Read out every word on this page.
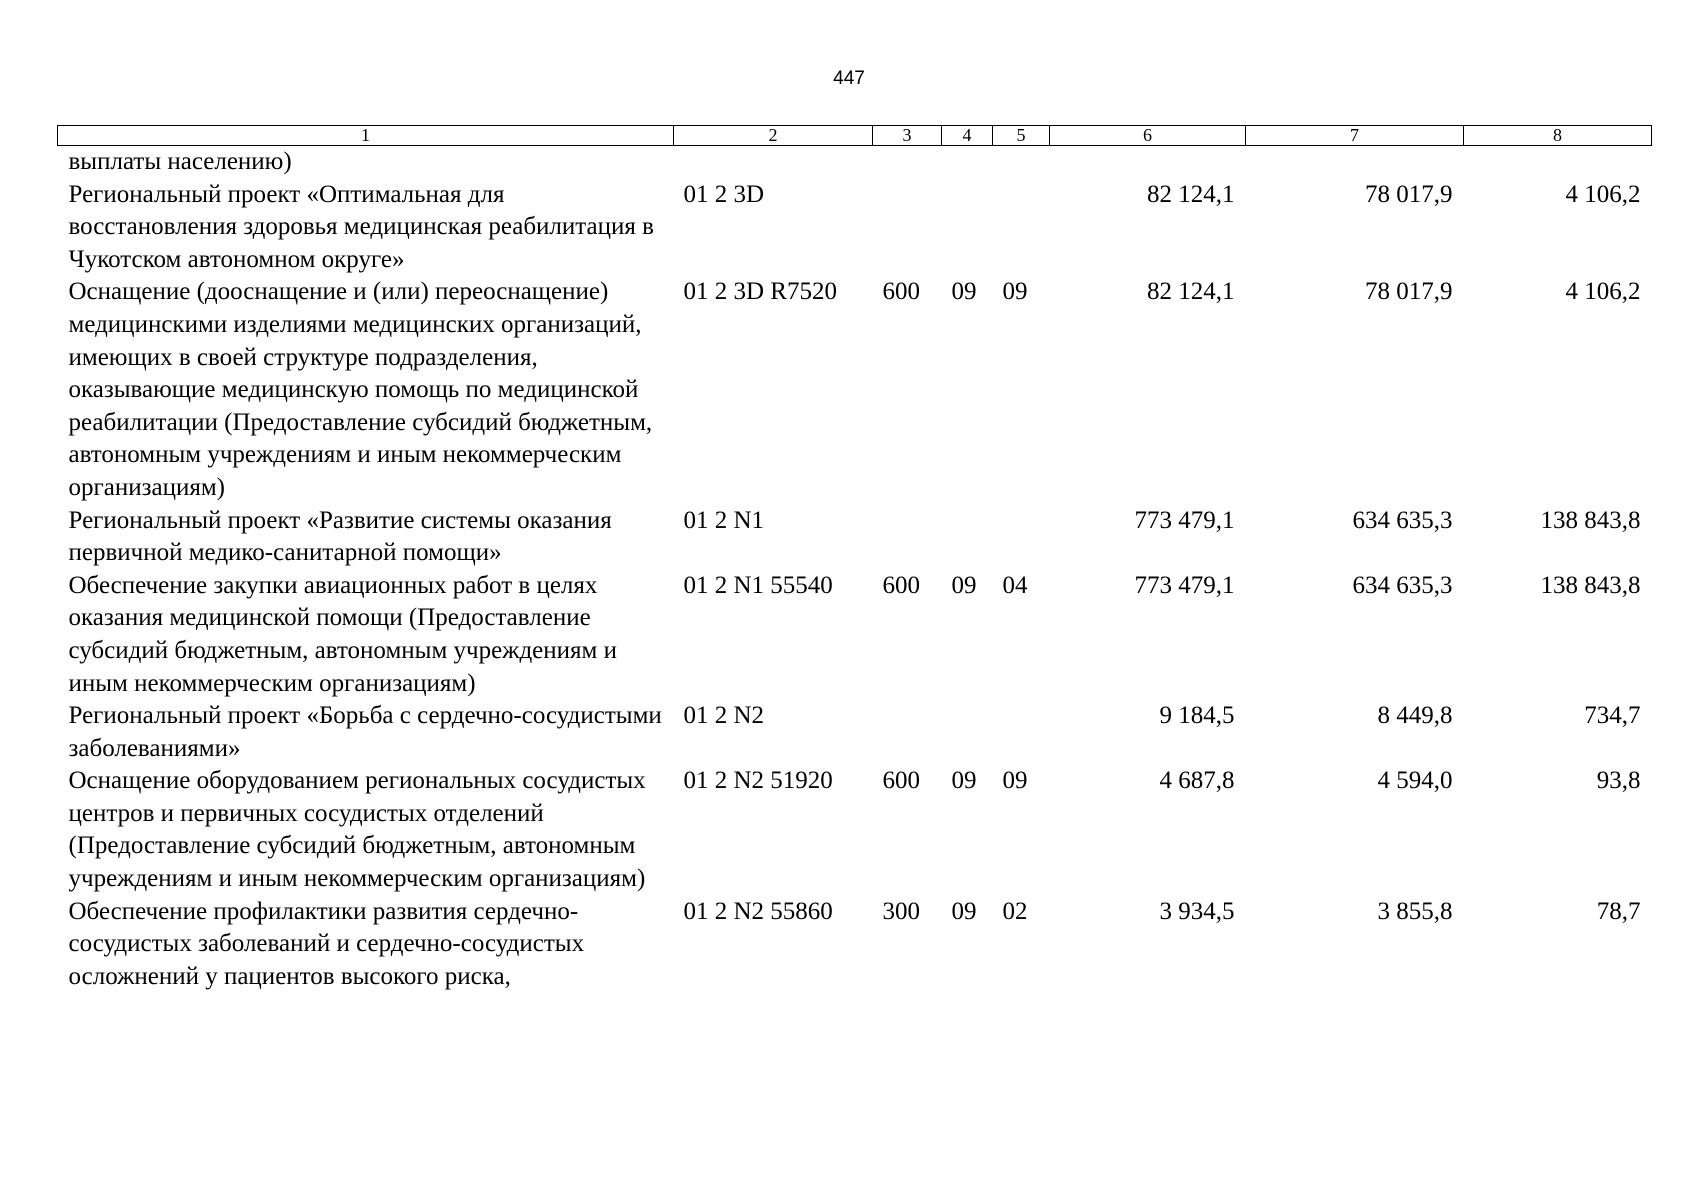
447
1	2	3	4	5	6	7	8
выплаты населению)							
Региональный проект «Оптимальная для восстановления здоровья медицинская реабилитация в Чукотском автономном округе»	01 2 3D				82 124,1	78 017,9	4 106,2
Оснащение (дооснащение и (или) переоснащение) медицинскими изделиями медицинских организаций, имеющих в своей структуре подразделения, оказывающие медицинскую помощь по медицинской реабилитации (Предоставление субсидий бюджетным, автономным учреждениям и иным некоммерческим организациям)	01 2 3D R7520	600	09	09	82 124,1	78 017,9	4 106,2
Региональный проект «Развитие системы оказания первичной медико-санитарной помощи»	01 2 N1				773 479,1	634 635,3	138 843,8
Обеспечение закупки авиационных работ в целях оказания медицинской помощи (Предоставление субсидий бюджетным, автономным учреждениям и иным некоммерческим организациям)	01 2 N1 55540	600	09	04	773 479,1	634 635,3	138 843,8
Региональный проект «Борьба с сердечно-сосудистыми заболеваниями»	01 2 N2				9 184,5	8 449,8	734,7
Оснащение оборудованием региональных сосудистых центров и первичных сосудистых отделений (Предоставление субсидий бюджетным, автономным учреждениям и иным некоммерческим организациям)	01 2 N2 51920	600	09	09	4 687,8	4 594,0	93,8
Обеспечение профилактики развития сердечно-сосудистых заболеваний и сердечно-сосудистых осложнений у пациентов высокого риска,	01 2 N2 55860	300	09	02	3 934,5	3 855,8	78,7
